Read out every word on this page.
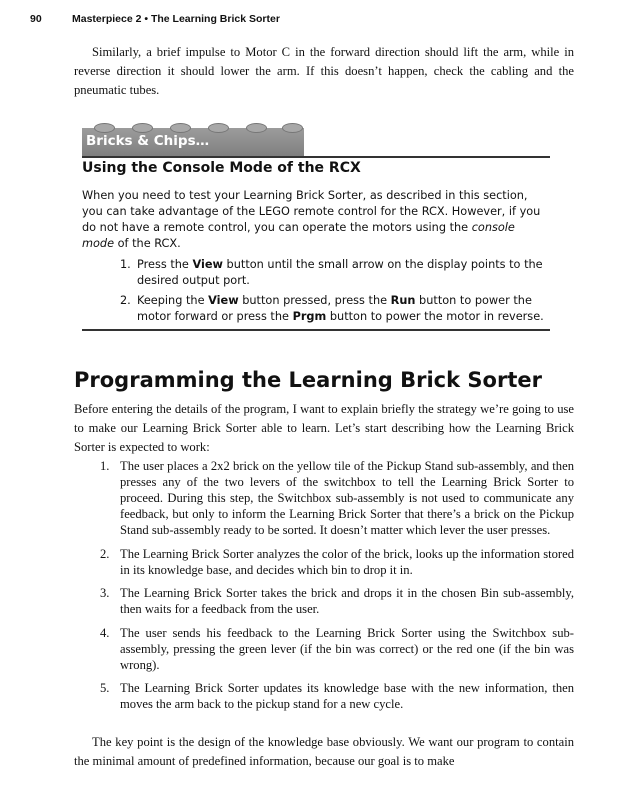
90	Masterpiece 2 • The Learning Brick Sorter

Similarly, a brief impulse to Motor C in the forward direction should lift the arm, while in reverse direction it should lower the arm. If this doesn’t happen, check the cabling and the pneumatic tubes.

Bricks & Chips…
Using the Console Mode of the RCX

When you need to test your Learning Brick Sorter, as described in this section, you can take advantage of the LEGO remote control for the RCX. However, if you do not have a remote control, you can operate the motors using the console mode of the RCX.

1. Press the View button until the small arrow on the display points to the desired output port.
2. Keeping the View button pressed, press the Run button to power the motor forward or press the Prgm button to power the motor in reverse.
Programming the Learning Brick Sorter

Before entering the details of the program, I want to explain briefly the strategy we’re going to use to make our Learning Brick Sorter able to learn. Let’s start describing how the Learning Brick Sorter is expected to work:

1. The user places a 2x2 brick on the yellow tile of the Pickup Stand sub-assembly, and then presses any of the two levers of the switchbox to tell the Learning Brick Sorter to proceed. During this step, the Switchbox sub-assembly is not used to communicate any feedback, but only to inform the Learning Brick Sorter that there’s a brick on the Pickup Stand sub-assembly ready to be sorted. It doesn’t matter which lever the user presses.
2. The Learning Brick Sorter analyzes the color of the brick, looks up the information stored in its knowledge base, and decides which bin to drop it in.
3. The Learning Brick Sorter takes the brick and drops it in the chosen Bin sub-assembly, then waits for a feedback from the user.
4. The user sends his feedback to the Learning Brick Sorter using the Switchbox sub-assembly, pressing the green lever (if the bin was correct) or the red one (if the bin was wrong).
5. The Learning Brick Sorter updates its knowledge base with the new information, then moves the arm back to the pickup stand for a new cycle.

The key point is the design of the knowledge base obviously. We want our program to contain the minimal amount of predefined information, because our goal is to make
